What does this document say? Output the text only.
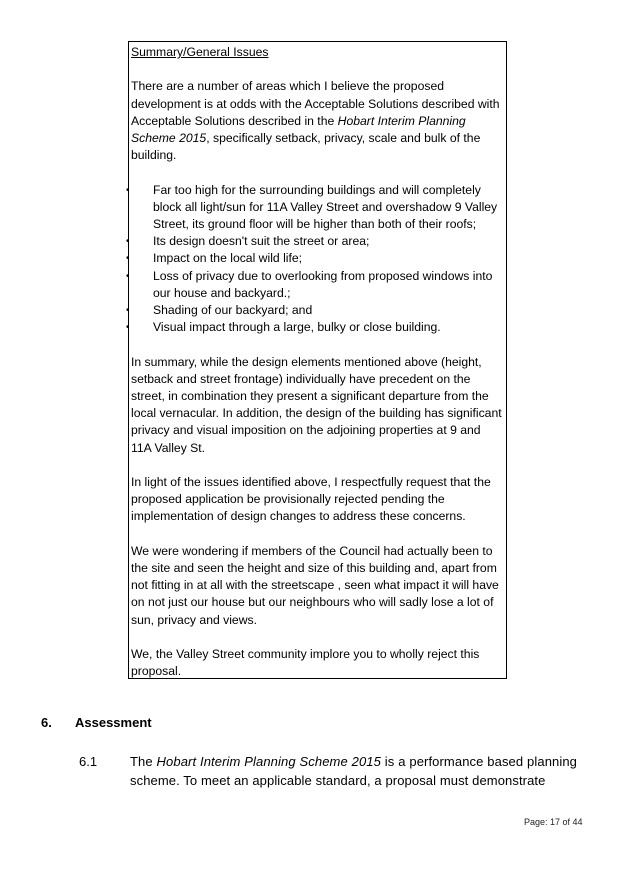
Summary/General Issues

There are a number of areas which I believe the proposed development is at odds with the Acceptable Solutions described with Acceptable Solutions described in the Hobart Interim Planning Scheme 2015, specifically setback, privacy, scale and bulk of the building.

• Far too high for the surrounding buildings and will completely block all light/sun for 11A Valley Street and overshadow 9 Valley Street, its ground floor will be higher than both of their roofs;
• Its design doesn't suit the street or area;
• Impact on the local wild life;
• Loss of privacy due to overlooking from proposed windows into our house and backyard.;
• Shading of our backyard; and
• Visual impact through a large, bulky or close building.

In summary, while the design elements mentioned above (height, setback and street frontage) individually have precedent on the street, in combination they present a significant departure from the local vernacular. In addition, the design of the building has significant privacy and visual imposition on the adjoining properties at 9 and 11A Valley St.

In light of the issues identified above, I respectfully request that the proposed application be provisionally rejected pending the implementation of design changes to address these concerns.

We were wondering if members of the Council had actually been to the site and seen the height and size of this building and, apart from not fitting in at all with the streetscape , seen what impact it will have on not just our house but our neighbours who will sadly lose a lot of sun, privacy and views.

We, the Valley Street community implore you to wholly reject this proposal.

6. Assessment
6.1	The Hobart Interim Planning Scheme 2015 is a performance based planning scheme. To meet an applicable standard, a proposal must demonstrate
Page: 17 of 44
